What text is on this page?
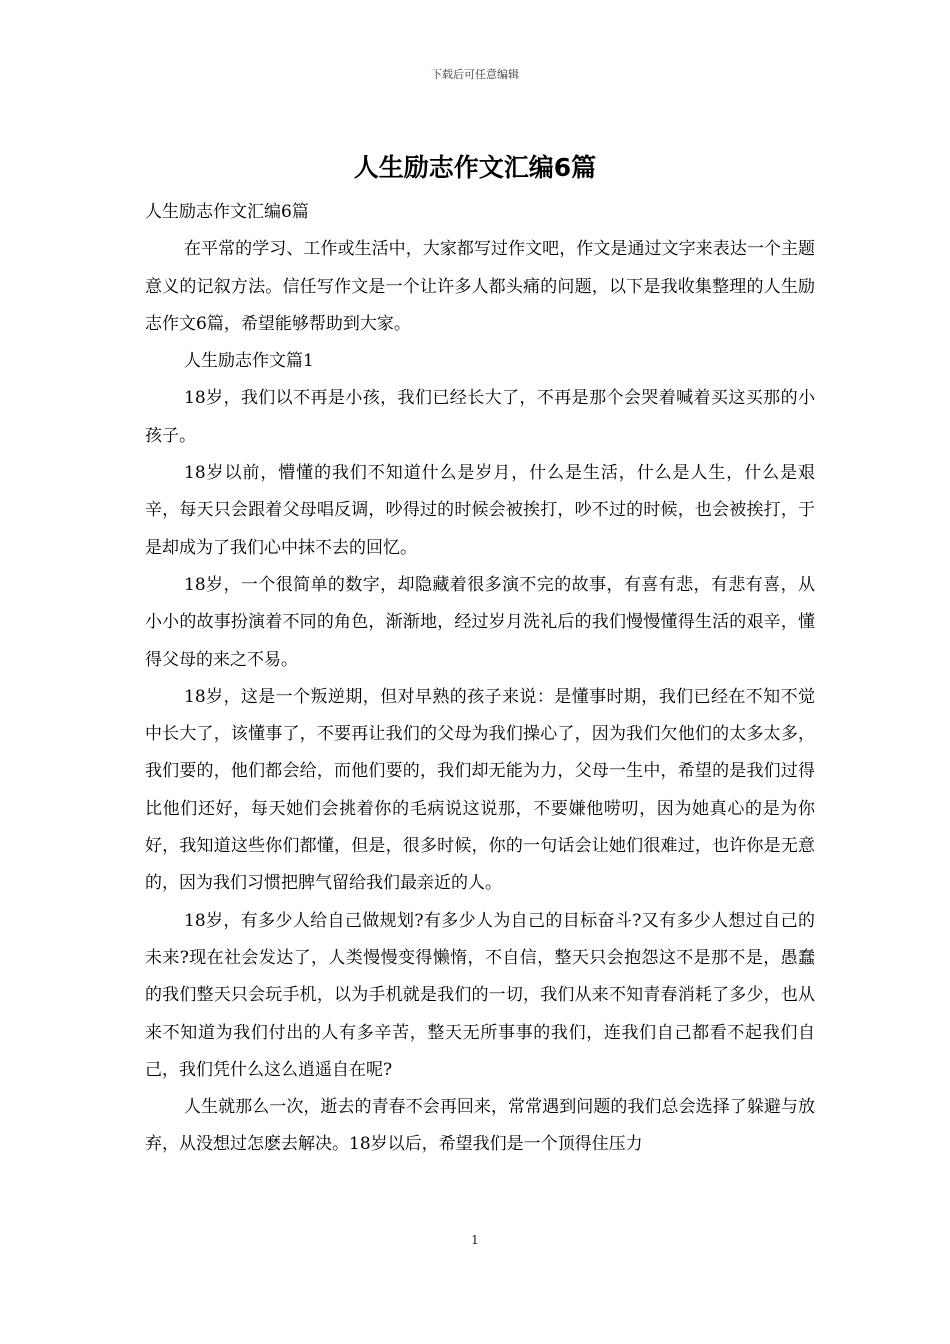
下载后可任意编辑
人生励志作文汇编6篇

人生励志作文汇编6篇

在平常的学习、工作或生活中，大家都写过作文吧，作文是通过文字来表达一个主题意义的记叙方法。信任写作文是一个让许多人都头痛的问题，以下是我收集整理的人生励志作文6篇，希望能够帮助到大家。

人生励志作文篇1

18岁，我们以不再是小孩，我们已经长大了，不再是那个会哭着喊着买这买那的小孩子。

18岁以前，懵懂的我们不知道什么是岁月，什么是生活，什么是人生，什么是艰辛，每天只会跟着父母唱反调，吵得过的时候会被挨打，吵不过的时候，也会被挨打，于是却成为了我们心中抹不去的回忆。

18岁，一个很简单的数字，却隐藏着很多演不完的故事，有喜有悲，有悲有喜，从小小的故事扮演着不同的角色，渐渐地，经过岁月洗礼后的我们慢慢懂得生活的艰辛，懂得父母的来之不易。

18岁，这是一个叛逆期，但对早熟的孩子来说：是懂事时期，我们已经在不知不觉中长大了，该懂事了，不要再让我们的父母为我们操心了，因为我们欠他们的太多太多，我们要的，他们都会给，而他们要的，我们却无能为力，父母一生中，希望的是我们过得比他们还好，每天她们会挑着你的毛病说这说那，不要嫌他唠叨，因为她真心的是为你好，我知道这些你们都懂，但是，很多时候，你的一句话会让她们很难过，也许你是无意的，因为我们习惯把脾气留给我们最亲近的人。

18岁，有多少人给自己做规划?有多少人为自己的目标奋斗?又有多少人想过自己的未来?现在社会发达了，人类慢慢变得懒惰，不自信，整天只会抱怨这不是那不是，愚蠢的我们整天只会玩手机，以为手机就是我们的一切，我们从来不知青春消耗了多少，也从来不知道为我们付出的人有多辛苦，整天无所事事的我们，连我们自己都看不起我们自己，我们凭什么这么逍遥自在呢?

人生就那么一次，逝去的青春不会再回来，常常遇到问题的我们总会选择了躲避与放弃，从没想过怎麽去解决。18岁以后，希望我们是一个顶得住压力

1
